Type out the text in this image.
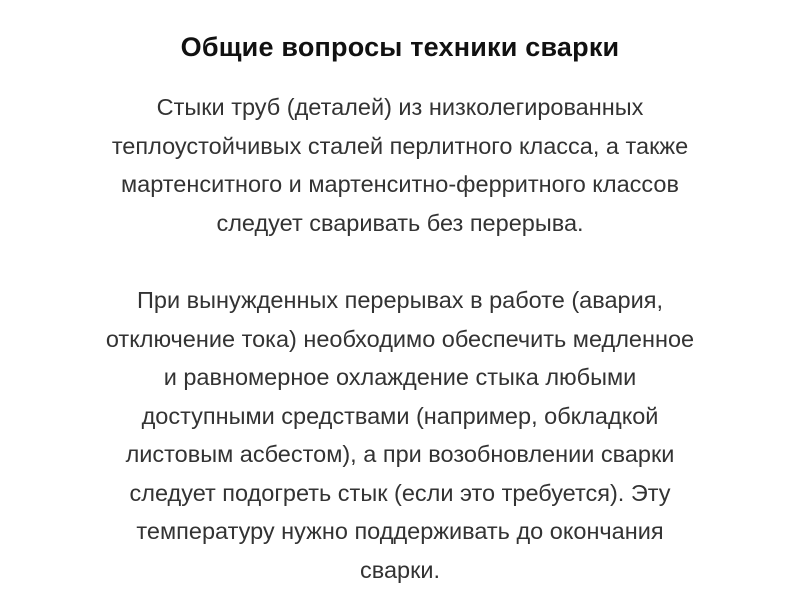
Общие вопросы техники сварки
Стыки труб (деталей) из низколегированных
теплоустойчивых сталей перлитного класса, а также
мартенситного и мартенситно-ферритного классов
следует сваривать без перерыва.
При вынужденных перерывах в работе (авария,
отключение тока) необходимо обеспечить медленное
и равномерное охлаждение стыка любыми
доступными средствами (например, обкладкой
листовым асбестом), а при возобновлении сварки
следует подогреть стык (если это требуется). Эту
температуру нужно поддерживать до окончания
сварки.
